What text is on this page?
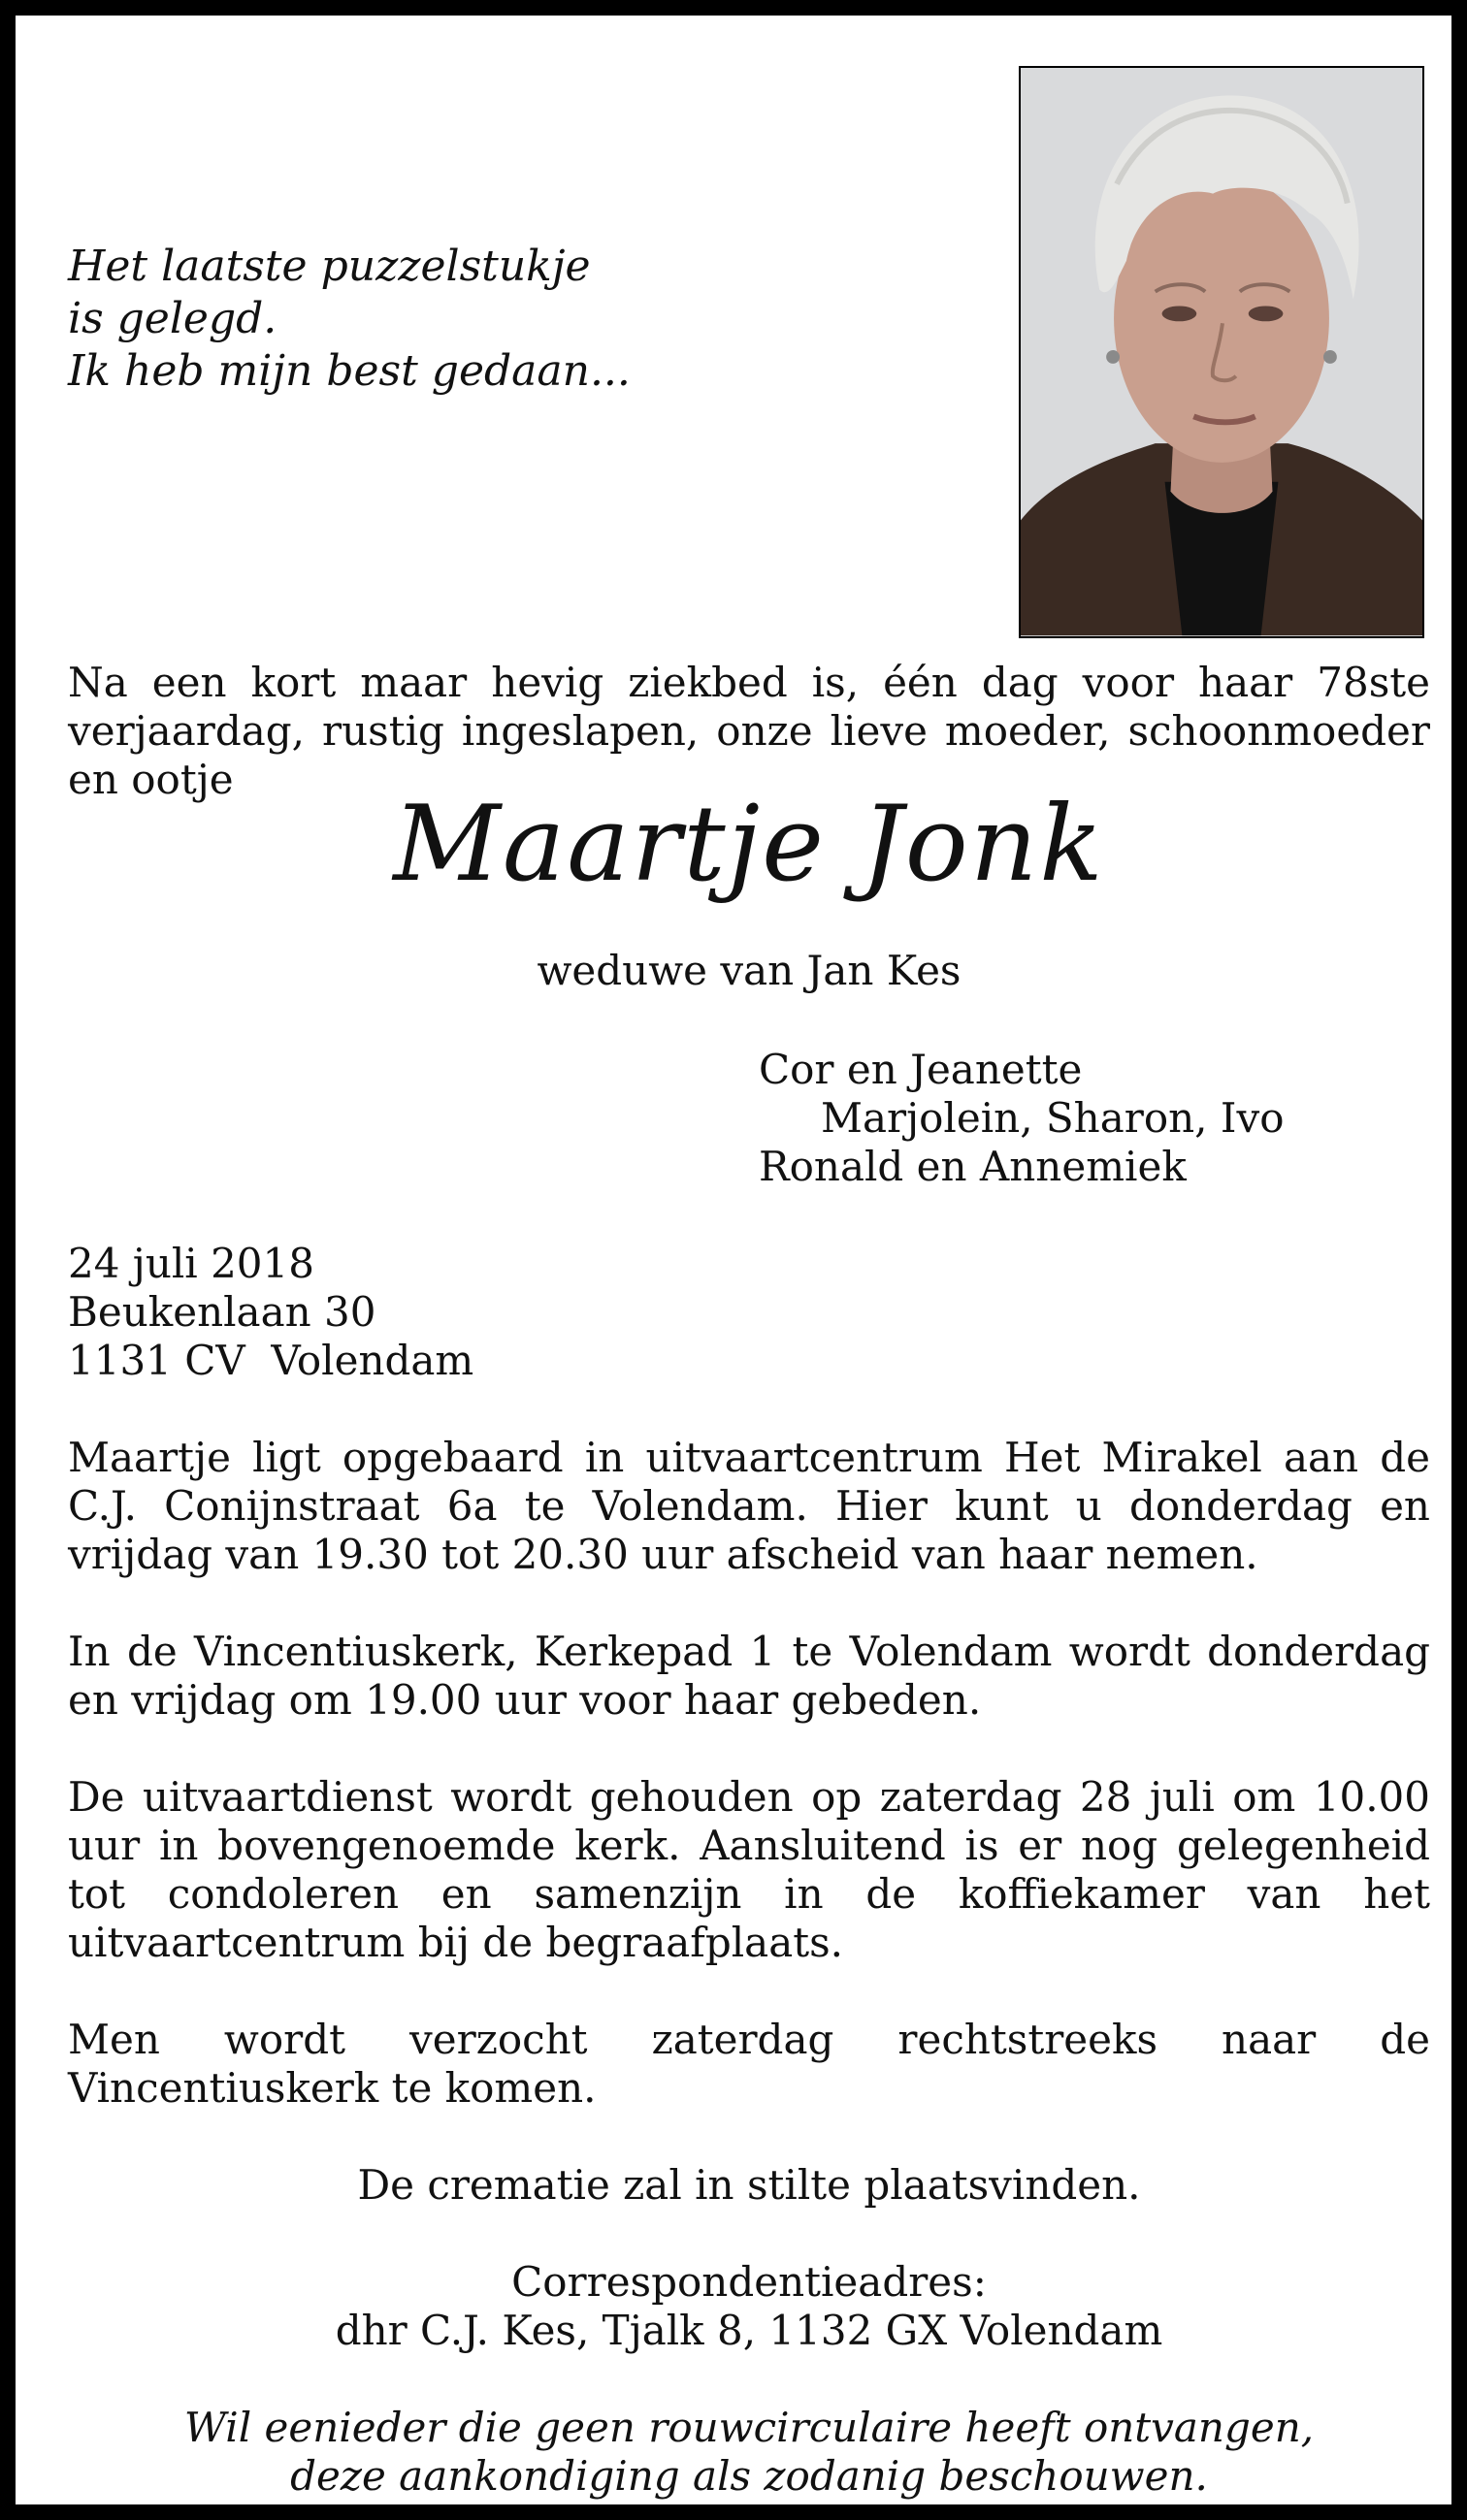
Het laatste puzzelstukje
is gelegd.
Ik heb mijn best gedaan...
Na een kort maar hevig ziekbed is, één dag voor haar 78ste verjaardag, rustig ingeslapen, onze lieve moeder, schoonmoeder en ootje
Maartje Jonk
weduwe van Jan Kes
Cor en Jeanette
Marjolein, Sharon, Ivo
Ronald en Annemiek
24 juli 2018
Beukenlaan 30
1131 CV  Volendam
Maartje ligt opgebaard in uitvaartcentrum Het Mirakel aan de C.J. Conijnstraat 6a te Volendam. Hier kunt u donderdag en vrijdag van 19.30 tot 20.30 uur afscheid van haar nemen.
In de Vincentiuskerk, Kerkepad 1 te Volendam wordt donderdag en vrijdag om 19.00 uur voor haar gebeden.
De uitvaartdienst wordt gehouden op zaterdag 28 juli om 10.00 uur in bovengenoemde kerk. Aansluitend is er nog gelegenheid tot condoleren en samenzijn in de koffiekamer van het uitvaartcentrum bij de begraafplaats.
Men wordt verzocht zaterdag rechtstreeks naar de Vincentiuskerk te komen.
De crematie zal in stilte plaatsvinden.
Correspondentieadres:
dhr C.J. Kes, Tjalk 8, 1132 GX Volendam
Wil eenieder die geen rouwcirculaire heeft ontvangen,
deze aankondiging als zodanig beschouwen.
